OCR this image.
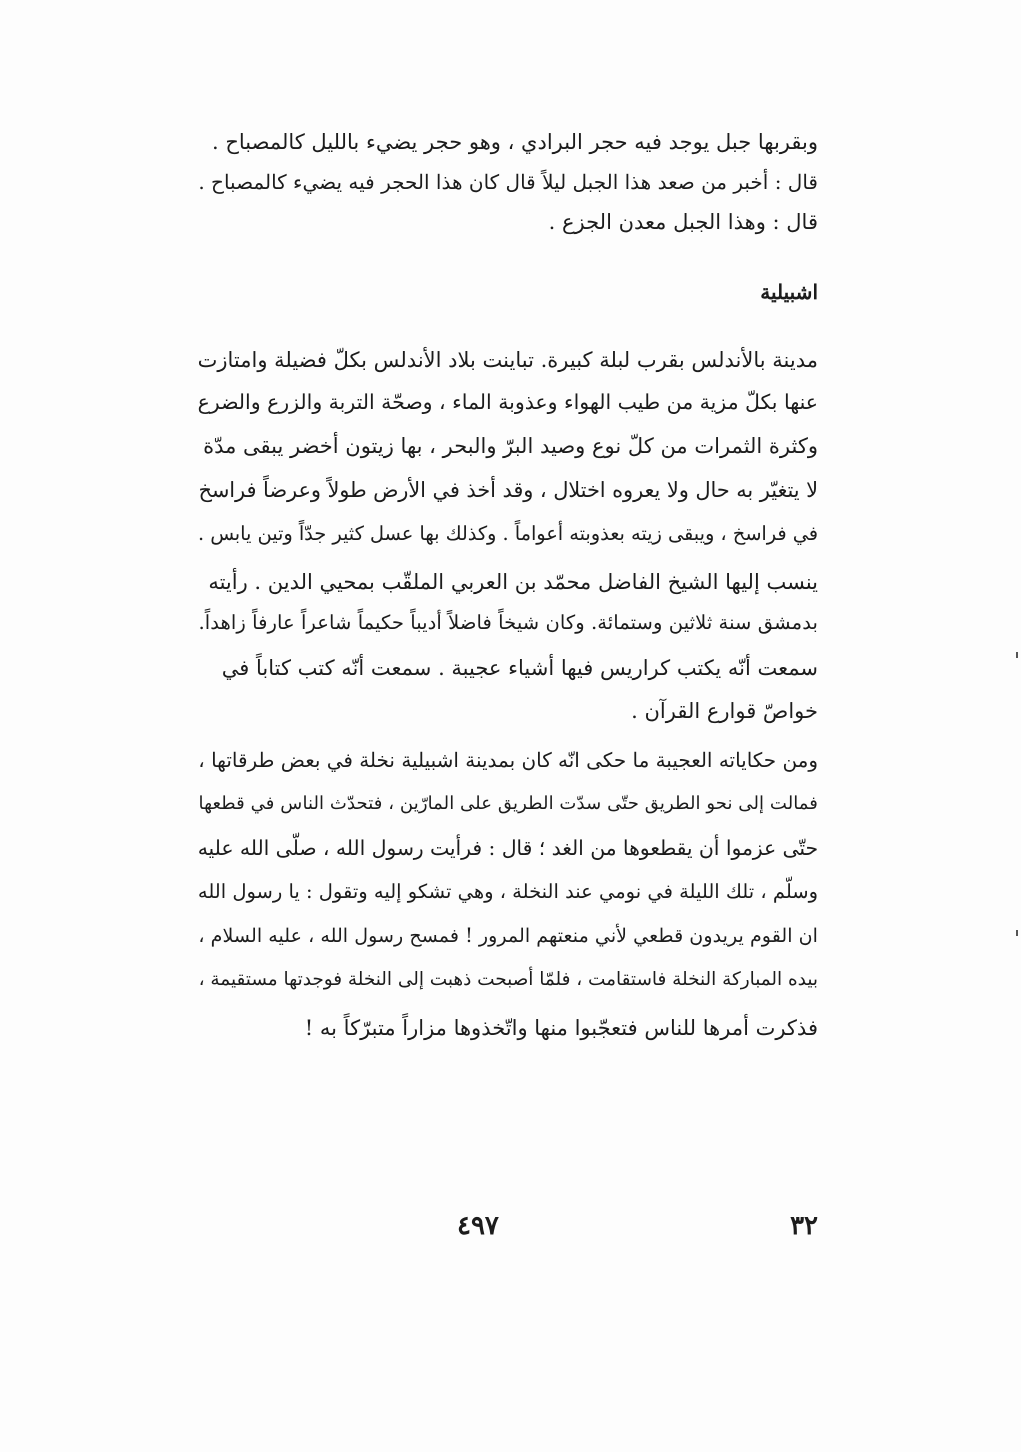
وبقربها جبل يوجد فيه حجر البرادي ، وهو حجر يضيء بالليل كالمصباح .

قال : أخبر من صعد هذا الجبل ليلاً قال كان هذا الحجر فيه يضيء كالمصباح .

قال : وهذا الجبل معدن الجزع .

اشبيلية

مدينة بالأندلس بقرب لبلة كبيرة. تباينت بلاد الأندلس بكلّ فضيلة وامتازت

عنها بكلّ مزية من طيب الهواء وعذوبة الماء ، وصحّة التربة والزرع والضرع

وكثرة الثمرات من كلّ نوع وصيد البرّ والبحر ، بها زيتون أخضر يبقى مدّة

لا يتغيّر به حال ولا يعروه اختلال ، وقد أخذ في الأرض طولاً وعرضاً فراسخ

في فراسخ ، ويبقى زيته بعذوبته أعواماً . وكذلك بها عسل كثير جدّاً وتين يابس .

ينسب إليها الشيخ الفاضل محمّد بن العربي الملقّب بمحيي الدين . رأيته

بدمشق سنة ثلاثين وستمائة. وكان شيخاً فاضلاً أديباً حكيماً شاعراً عارفاً زاهداً.

سمعت أنّه يكتب كراريس فيها أشياء عجيبة . سمعت أنّه كتب كتاباً في

خواصّ قوارع القرآن .

ومن حكاياته العجيبة ما حكى انّه كان بمدينة اشبيلية نخلة في بعض طرقاتها ،

فمالت إلى نحو الطريق حتّى سدّت الطريق على المارّين ، فتحدّث الناس في قطعها

حتّى عزموا أن يقطعوها من الغد ؛ قال : فرأيت رسول الله ، صلّى الله عليه

وسلّم ، تلك الليلة في نومي عند النخلة ، وهي تشكو إليه وتقول : يا رسول الله

ان القوم يريدون قطعي لأني منعتهم المرور ! فمسح رسول الله ، عليه السلام ،

بيده المباركة النخلة فاستقامت ، فلمّا أصبحت ذهبت إلى النخلة فوجدتها مستقيمة ،

فذكرت أمرها للناس فتعجّبوا منها واتّخذوها مزاراً متبرّكاً به !

٤٩٧	٣٢
